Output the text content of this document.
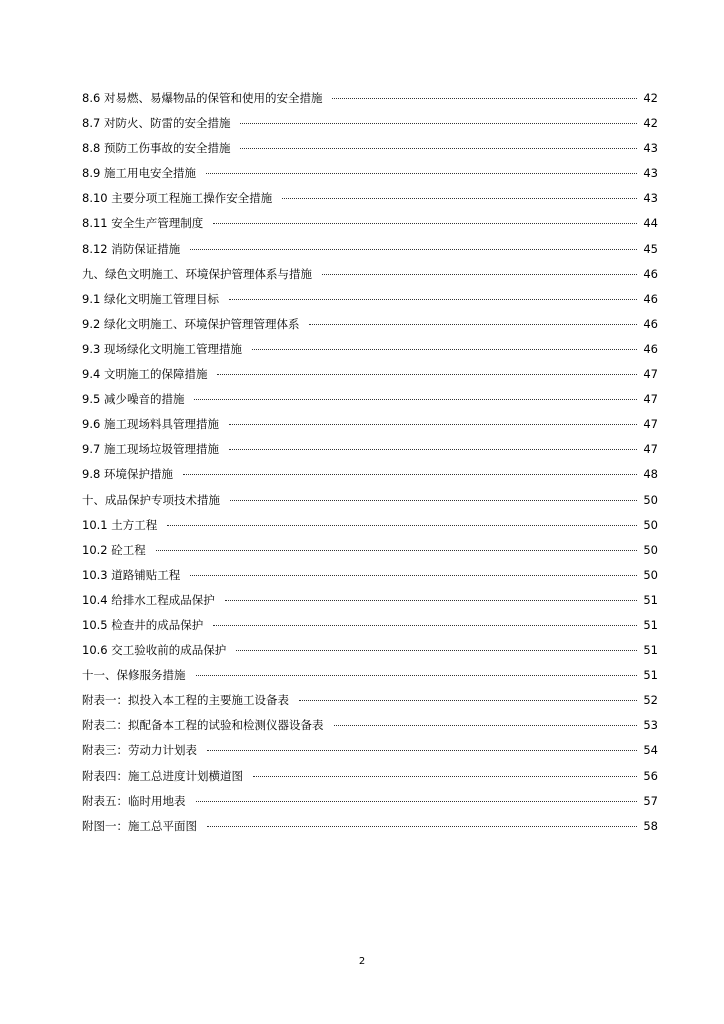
8.6 对易燃、易爆物品的保管和使用的安全措施	42
8.7 对防火、防雷的安全措施	42
8.8 预防工伤事故的安全措施	43
8.9 施工用电安全措施	43
8.10 主要分项工程施工操作安全措施	43
8.11 安全生产管理制度	44
8.12 消防保证措施	45
九、绿色文明施工、环境保护管理体系与措施	46
9.1 绿化文明施工管理目标	46
9.2 绿化文明施工、环境保护管理管理体系	46
9.3 现场绿化文明施工管理措施	46
9.4 文明施工的保障措施	47
9.5 减少噪音的措施	47
9.6 施工现场料具管理措施	47
9.7 施工现场垃圾管理措施	47
9.8 环境保护措施	48
十、成品保护专项技术措施	50
10.1 土方工程	50
10.2 砼工程	50
10.3 道路铺贴工程	50
10.4 给排水工程成品保护	51
10.5 检查井的成品保护	51
10.6 交工验收前的成品保护	51
十一、保修服务措施	51
附表一：拟投入本工程的主要施工设备表	52
附表二：拟配备本工程的试验和检测仪器设备表	53
附表三：劳动力计划表	54
附表四：施工总进度计划横道图	56
附表五：临时用地表	57
附图一：施工总平面图	58
2
